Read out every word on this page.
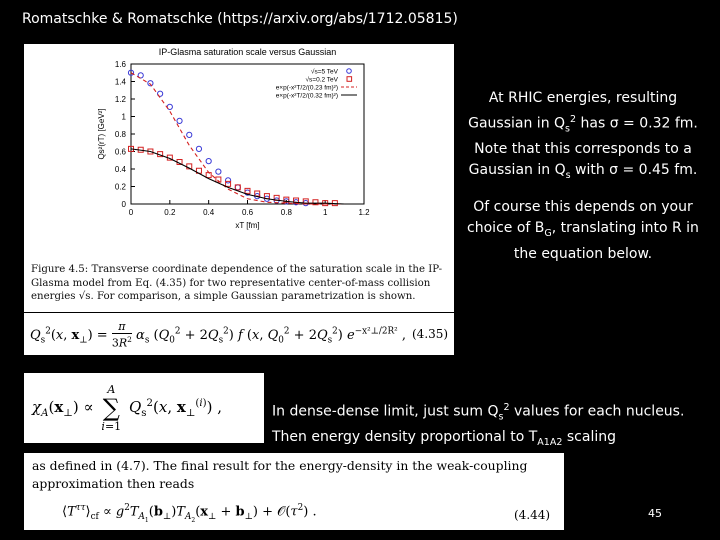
Romatschke & Romatschke (https://arxiv.org/abs/1712.05815)
IP-Glasma saturation scale versus Gaussian
0	0.2	0.4	0.6	0.8	1	1.2
0
0.2
0.4
0.6
0.8
1
1.2
1.4
1.6
xT [fm]
Qs²(rT) [GeV²]
√s=5 TeV
√s=0.2 TeV
e×p(-x²T/2/(0.23 fm)²)
e×p(-x²T/2/(0.32 fm)²)
Figure 4.5: Transverse coordinate dependence of the saturation scale in the IP-Glasma model from Eq. (4.35) for two representative center-of-mass collision energies √s. For comparison, a simple Gaussian parametrization is shown.
$Q_s^2(x$, $x_\perp) = \frac{\pi}{3R^2} \alpha_s$ $(Q_0^2 + 2Q_s^2)$ f (x, $Q_0^2 + 2Q_s^2$) $e^{-x^2\perp/2R^2}$ , (4.35)
$\chi_A(x_\perp)$ ∝
A
∑
i=1
$Q_s^2(x$, $x_\perp^{(i)}$) ,
as defined in (4.7). The final result for the energy-density in the weak-coupling
approximation then reads
$⟨T^{\tau\tau}⟩_{cf} \propto g^2T_{A_1}(b_\perp)T_{A_2}(x_\perp + b_\perp)$ + $𝒪(\tau^2)$ .	(4.44)
At RHIC energies, resulting Gaussian in $Q_s^2$ has σ = 0.32 fm. Note that this corresponds to a Gaussian in $Q_s$ with σ = 0.45 fm.
Of course this depends on your choice of $B_G$, translating into R in the equation below.
In dense-dense limit, just sum $Q_s^2$ values for each nucleus.
Then energy density proportional to $T_{A1A2}$ scaling
45
